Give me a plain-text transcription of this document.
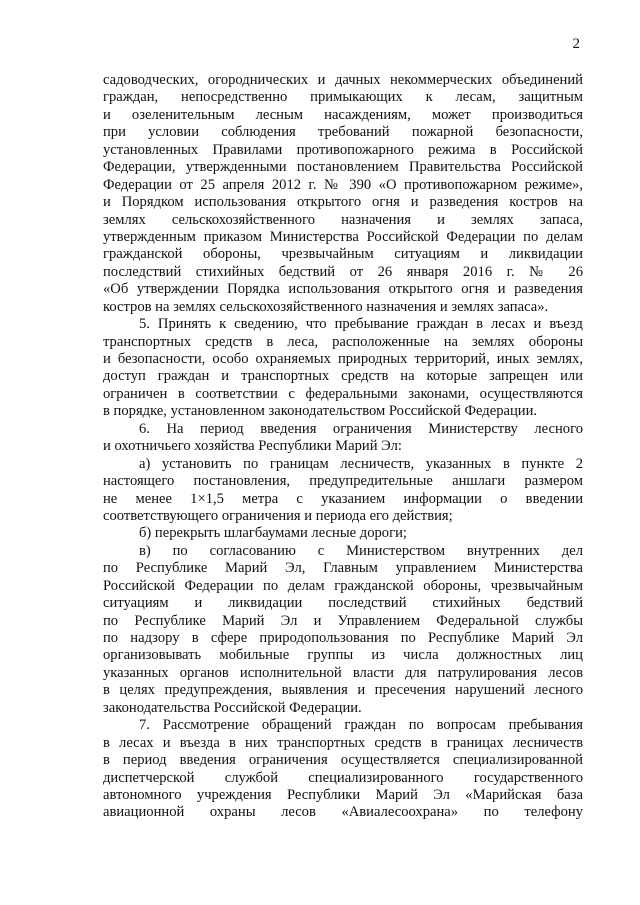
2
садоводческих, огороднических и дачных некоммерческих объединений
граждан, непосредственно примыкающих к лесам, защитным
и озеленительным лесным насаждениям, может производиться
при условии соблюдения требований пожарной безопасности,
установленных Правилами противопожарного режима в Российской
Федерации, утвержденными постановлением Правительства Российской
Федерации от 25 апреля 2012 г. № 390 «О противопожарном режиме»,
и Порядком использования открытого огня и разведения костров на
землях сельскохозяйственного назначения и землях запаса,
утвержденным приказом Министерства Российской Федерации по делам
гражданской обороны, чрезвычайным ситуациям и ликвидации
последствий стихийных бедствий от 26 января 2016 г. № 26
«Об утверждении Порядка использования открытого огня и разведения
костров на землях сельскохозяйственного назначения и землях запаса».
5. Принять к сведению, что пребывание граждан в лесах и въезд
транспортных средств в леса, расположенные на землях обороны
и безопасности, особо охраняемых природных территорий, иных землях,
доступ граждан и транспортных средств на которые запрещен или
ограничен в соответствии с федеральными законами, осуществляются
в порядке, установленном законодательством Российской Федерации.
6. На период введения ограничения Министерству лесного
и охотничьего хозяйства Республики Марий Эл:
а) установить по границам лесничеств, указанных в пункте 2
настоящего постановления, предупредительные аншлаги размером
не менее 1×1,5 метра с указанием информации о введении
соответствующего ограничения и периода его действия;
б) перекрыть шлагбаумами лесные дороги;
в) по согласованию с Министерством внутренних дел
по Республике Марий Эл, Главным управлением Министерства
Российской Федерации по делам гражданской обороны, чрезвычайным
ситуациям и ликвидации последствий стихийных бедствий
по Республике Марий Эл и Управлением Федеральной службы
по надзору в сфере природопользования по Республике Марий Эл
организовывать мобильные группы из числа должностных лиц
указанных органов исполнительной власти для патрулирования лесов
в целях предупреждения, выявления и пресечения нарушений лесного
законодательства Российской Федерации.
7. Рассмотрение обращений граждан по вопросам пребывания
в лесах и въезда в них транспортных средств в границах лесничеств
в период введения ограничения осуществляется специализированной
диспетчерской службой специализированного государственного
автономного учреждения Республики Марий Эл «Марийская база
авиационной охраны лесов «Авиалесоохрана» по телефону
